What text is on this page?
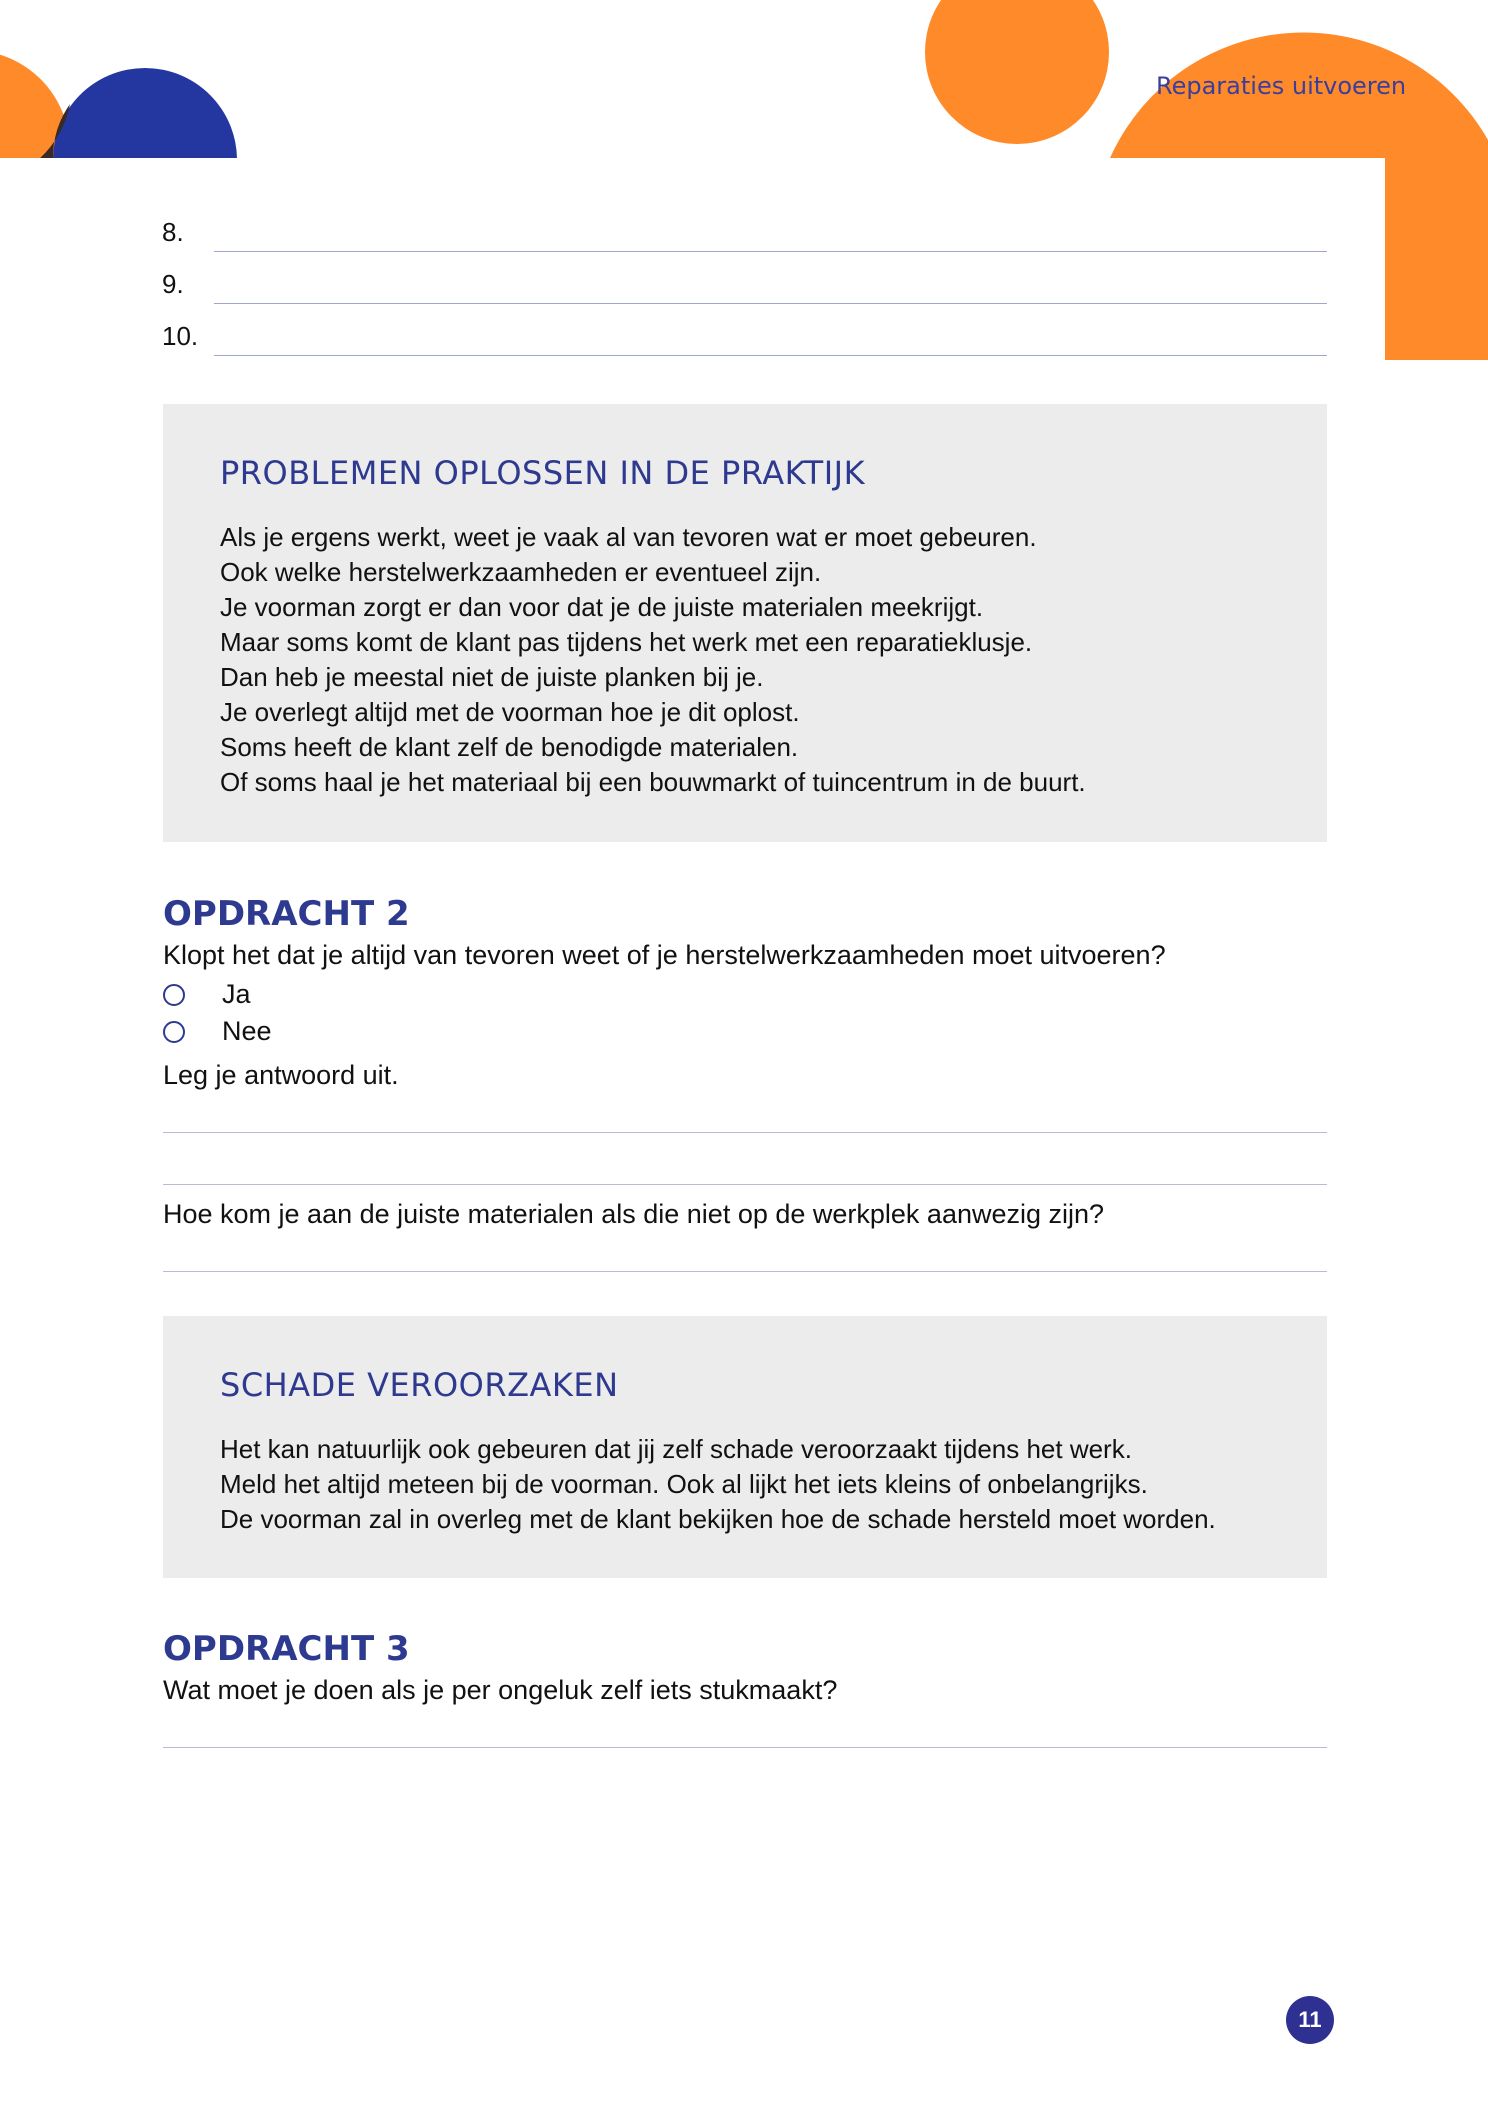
Reparaties uitvoeren
8.
9.
10.
PROBLEMEN OPLOSSEN IN DE PRAKTIJK

Als je ergens werkt, weet je vaak al van tevoren wat er moet gebeuren.

Ook welke herstelwerkzaamheden er eventueel zijn.

Je voorman zorgt er dan voor dat je de juiste materialen meekrijgt.

Maar soms komt de klant pas tijdens het werk met een reparatieklusje.

Dan heb je meestal niet de juiste planken bij je.

Je overlegt altijd met de voorman hoe je dit oplost.

Soms heeft de klant zelf de benodigde materialen.

Of soms haal je het materiaal bij een bouwmarkt of tuincentrum in de buurt.

OPDRACHT 2

Klopt het dat je altijd van tevoren weet of je herstelwerkzaamheden moet uitvoeren?

Ja
Nee

Leg je antwoord uit.

Hoe kom je aan de juiste materialen als die niet op de werkplek aanwezig zijn?

SCHADE VEROORZAKEN

Het kan natuurlijk ook gebeuren dat jij zelf schade veroorzaakt tijdens het werk.

Meld het altijd meteen bij de voorman. Ook al lijkt het iets kleins of onbelangrijks.

De voorman zal in overleg met de klant bekijken hoe de schade hersteld moet worden.

OPDRACHT 3

Wat moet je doen als je per ongeluk zelf iets stukmaakt?

11
